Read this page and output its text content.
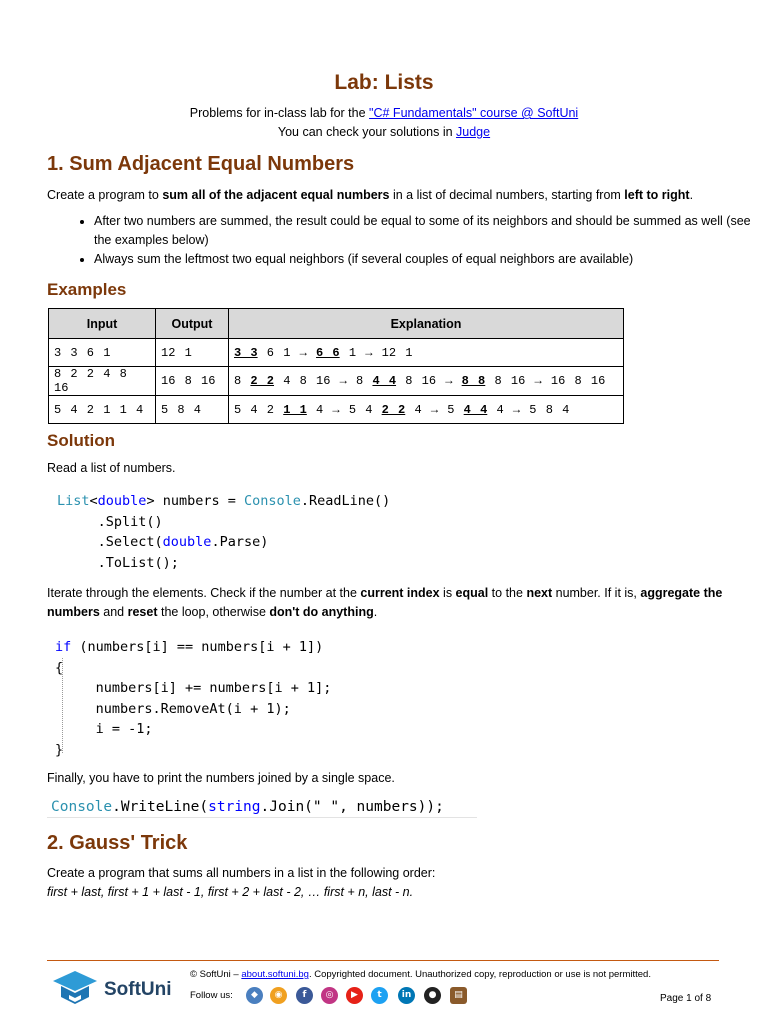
Lab: Lists
Problems for in-class lab for the "C# Fundamentals" course @ SoftUni
You can check your solutions in Judge
1. Sum Adjacent Equal Numbers

Create a program to sum all of the adjacent equal numbers in a list of decimal numbers, starting from left to right.

• After two numbers are summed, the result could be equal to some of its neighbors and should be summed as well (see the examples below)
• Always sum the leftmost two equal neighbors (if several couples of equal neighbors are available)
Examples
Input	Output	Explanation
3 3 6 1	12 1	3 3 6 1 → 6 6 1 → 12 1
8 2 2 4 8 16	16 8 16	8 2 2 4 8 16 → 8 4 4 8 16 → 8 8 8 16 → 16 8 16
5 4 2 1 1 4	5 8 4	5 4 2 1 1 4 → 5 4 2 2 4 → 5 4 4 4 → 5 8 4
Solution

Read a list of numbers.

List<double> numbers = Console.ReadLine()
.Split()
.Select(double.Parse)
.ToList();

Iterate through the elements. Check if the number at the current index is equal to the next number. If it is, aggregate the numbers and reset the loop, otherwise don't do anything.

if (numbers[i] == numbers[i + 1])
{
numbers[i] += numbers[i + 1];
numbers.RemoveAt(i + 1);
i = -1;
}

Finally, you have to print the numbers joined by a single space.

Console.WriteLine(string.Join(" ", numbers));
2. Gauss' Trick

Create a program that sums all numbers in a list in the following order:

first + last, first + 1 + last - 1, first + 2 + last - 2, … first + n, last - n.

SoftUni
© SoftUni – about.softuni.bg. Copyrighted document. Unauthorized copy, reproduction or use is not permitted.
Follow us:	◆	◉	f	◎	▶	t	in	●	▤	Page 1 of 8
